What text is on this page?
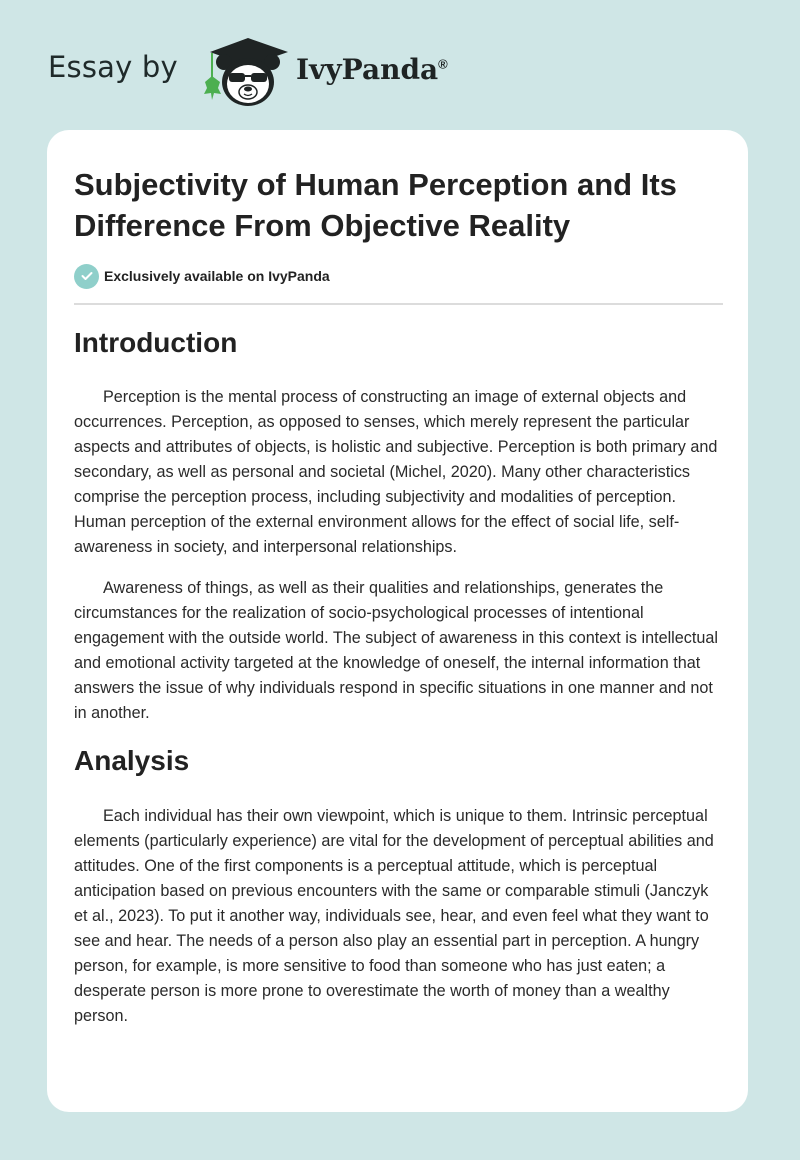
Essay by	IvyPanda®
Subjectivity of Human Perception and Its Difference From Objective Reality
Exclusively available on IvyPanda
Introduction

Perception is the mental process of constructing an image of external objects and occurrences. Perception, as opposed to senses, which merely represent the particular aspects and attributes of objects, is holistic and subjective. Perception is both primary and secondary, as well as personal and societal (Michel, 2020). Many other characteristics comprise the perception process, including subjectivity and modalities of perception. Human perception of the external environment allows for the effect of social life, self-awareness in society, and interpersonal relationships.

Awareness of things, as well as their qualities and relationships, generates the circumstances for the realization of socio-psychological processes of intentional engagement with the outside world. The subject of awareness in this context is intellectual and emotional activity targeted at the knowledge of oneself, the internal information that answers the issue of why individuals respond in specific situations in one manner and not in another.

Analysis

Each individual has their own viewpoint, which is unique to them. Intrinsic perceptual elements (particularly experience) are vital for the development of perceptual abilities and attitudes. One of the first components is a perceptual attitude, which is perceptual anticipation based on previous encounters with the same or comparable stimuli (Janczyk et al., 2023). To put it another way, individuals see, hear, and even feel what they want to see and hear. The needs of a person also play an essential part in perception. A hungry person, for example, is more sensitive to food than someone who has just eaten; a desperate person is more prone to overestimate the worth of money than a wealthy person.
